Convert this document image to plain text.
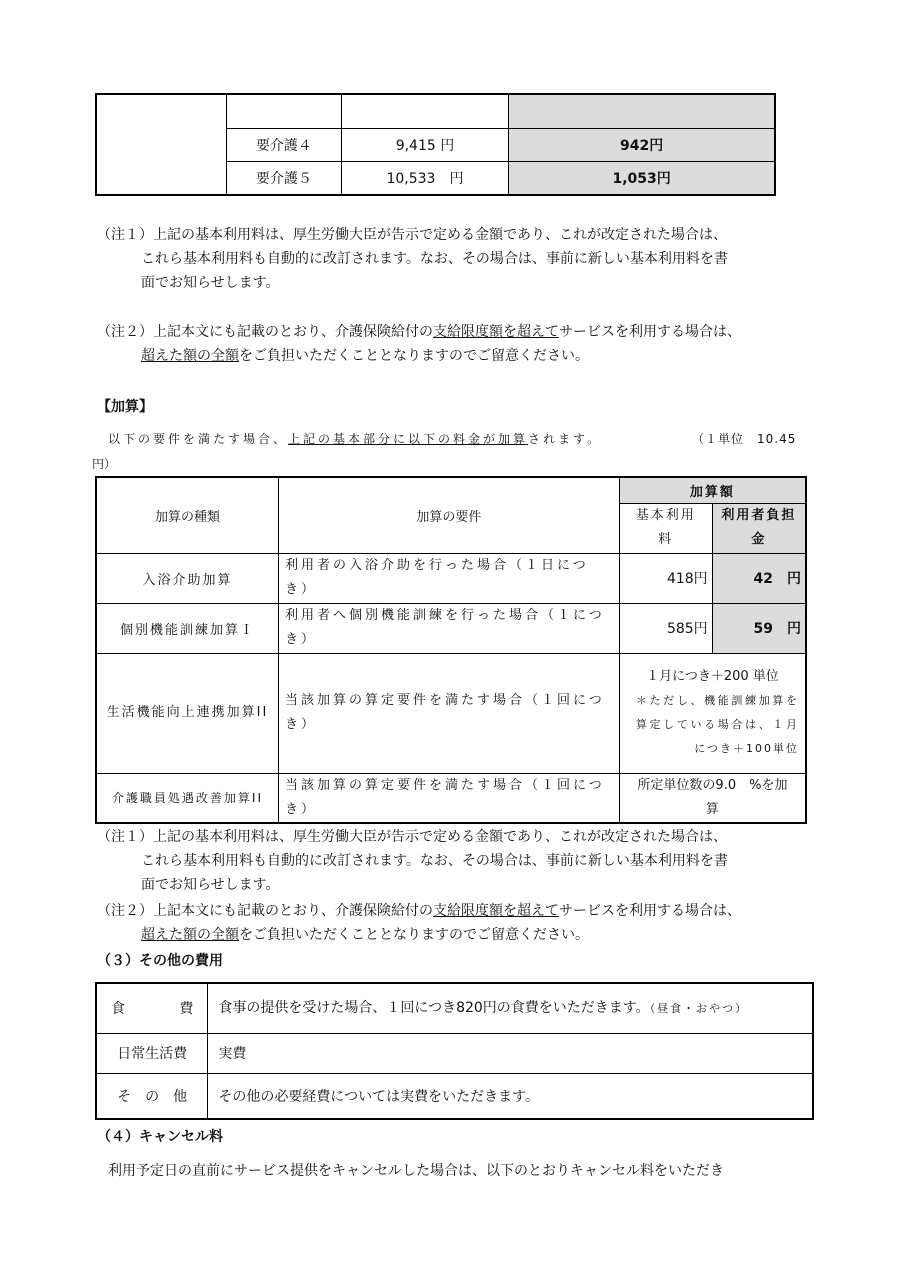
	要介護４	9,415 円	942円
	要介護５	10,533　円	1,053円
（注１）上記の基本利用料は、厚生労働大臣が告示で定める金額であり、これが改定された場合は、
これら基本利用料も自動的に改訂されます。なお、その場合は、事前に新しい基本利用料を書
面でお知らせします。
（注２）上記本文にも記載のとおり、介護保険給付の支給限度額を超えてサービスを利用する場合は、
超えた額の全額をご負担いただくこととなりますのでご留意ください。
【加算】
以下の要件を満たす場合、上記の基本部分に以下の料金が加算されます。	（１単位　10.45
円）
加算の種類	加算の要件	加算額	
		基本利用料	利用者負担金
入浴介助加算	利用者の入浴介助を行った場合（１日につき）	418円	42　円
個別機能訓練加算Ｉ	利用者へ個別機能訓練を行った場合（１につき）	585円	59　円
生活機能向上連携加算II	当該加算の算定要件を満たす場合（１回につき）	１月につき＋200 単位
＊ただし、機能訓練加算を算定している場合は、１月につき＋100単位	

介護職員処遇改善加算II	当該加算の算定要件を満たす場合（１回につき）	所定単位数の9.0　%を加算	
（注１）上記の基本利用料は、厚生労働大臣が告示で定める金額であり、これが改定された場合は、
これら基本利用料も自動的に改訂されます。なお、その場合は、事前に新しい基本利用料を書
面でお知らせします。
（注２）上記本文にも記載のとおり、介護保険給付の支給限度額を超えてサービスを利用する場合は、
超えた額の全額をご負担いただくこととなりますのでご留意ください。
（３）その他の費用
食　　費	食事の提供を受けた場合、１回につき820円の食費をいただきます。（昼食・おやつ）
日常生活費	実費
そ　の　他	その他の必要経費については実費をいただきます。
（４）キャンセル料
利用予定日の直前にサービス提供をキャンセルした場合は、以下のとおりキャンセル料をいただき
